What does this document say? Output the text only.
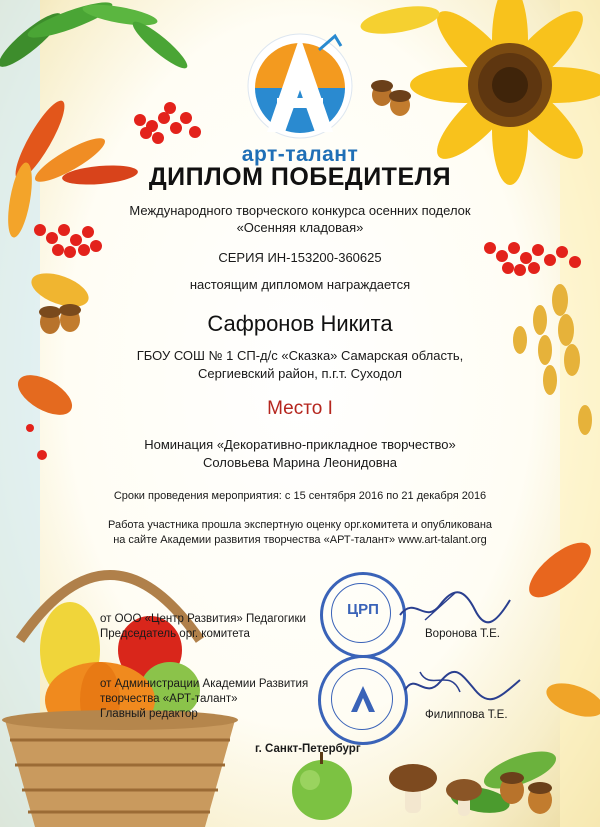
арт-талант
ДИПЛОМ ПОБЕДИТЕЛЯ
Международного творческого конкурса осенних поделок
«Осенняя кладовая»
СЕРИЯ ИН-153200-360625
настоящим дипломом награждается
Сафронов Никита
ГБОУ СОШ № 1 СП-д/с «Сказка» Самарская область,
Сергиевский район, п.г.т. Суходол
Место I
Номинация «Декоративно-прикладное творчество»
Соловьева Марина Леонидовна
Сроки проведения мероприятия: с 15 сентября 2016 по 21 декабря 2016
Работа участника прошла экспертную оценку орг.комитета и опубликована
на сайте Академии развития творчества «АРТ-талант» www.art-talant.org
ЦРП
от ООО «Центр Развития» Педагогики
Председатель орг. комитета	Воронова Т.Е.
от Администрации Академии Развития
творчества «АРТ-талант»
Главный редактор	Филиппова Т.Е.
г. Санкт-Петербург
